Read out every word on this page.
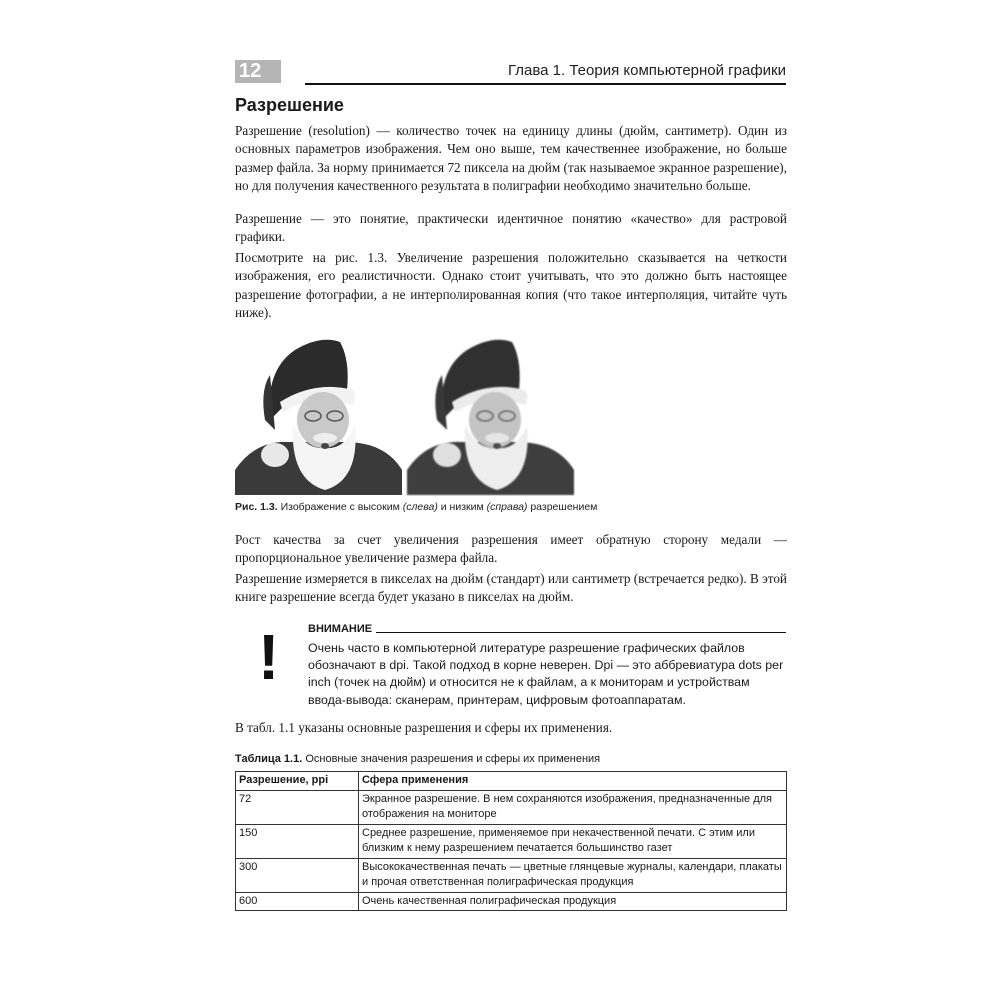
12	Глава 1. Теория компьютерной графики
Разрешение

Разрешение (resolution) — количество точек на единицу длины (дюйм, сантиметр). Один из основных параметров изображения. Чем оно выше, тем качественнее изображение, но больше размер файла. За норму принимается 72 пиксела на дюйм (так называемое экранное разрешение), но для получения качественного результата в полиграфии необходимо значительно больше.

Разрешение — это понятие, практически идентичное понятию «качество» для растровой графики.

Посмотрите на рис. 1.3. Увеличение разрешения положительно сказывается на четкости изображения, его реалистичности. Однако стоит учитывать, что это должно быть настоящее разрешение фотографии, а не интерполированная копия (что такое интерполяция, читайте чуть ниже).

Рис. 1.3. Изображение с высоким (слева) и низким (справа) разрешением

Рост качества за счет увеличения разрешения имеет обратную сторону медали — пропорциональное увеличение размера файла.

Разрешение измеряется в пикселах на дюйм (стандарт) или сантиметр (встречается редко). В этой книге разрешение всегда будет указано в пикселах на дюйм.

!	ВНИМАНИЕ

Очень часто в компьютерной литературе разрешение графических файлов обозначают в dpi. Такой подход в корне неверен. Dpi — это аббревиатура dots per inch (точек на дюйм) и относится не к файлам, а к мониторам и устройствам ввода-вывода: сканерам, принтерам, цифровым фотоаппаратам.

В табл. 1.1 указаны основные разрешения и сферы их применения.

Таблица 1.1. Основные значения разрешения и сферы их применения
Разрешение, ppi	Сфера применения
72	Экранное разрешение. В нем сохраняются изображения, предназначенные для отображения на мониторе
150	Среднее разрешение, применяемое при некачественной печати. С этим или близким к нему разрешением печатается большинство газет
300	Высококачественная печать — цветные глянцевые журналы, календари, плакаты и прочая ответственная полиграфическая продукция
600	Очень качественная полиграфическая продукция
